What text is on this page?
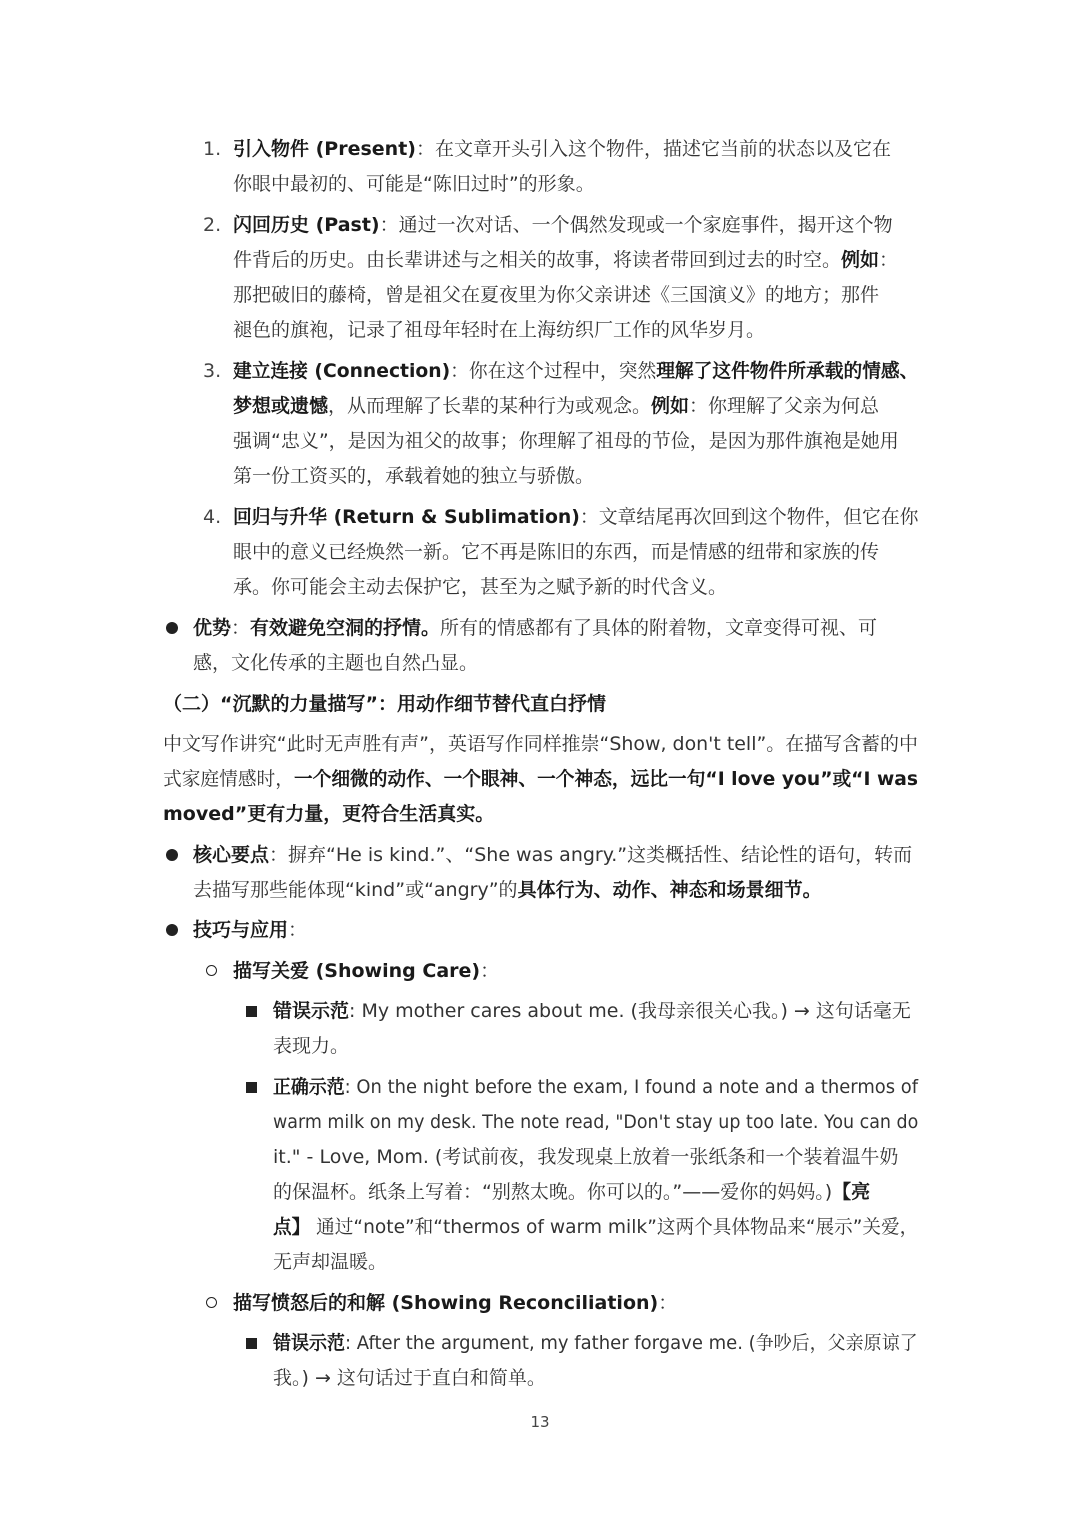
1. 引入物件 (Present)：在文章开头引入这个物件，描述它当前的状态以及它在

你眼中最初的、可能是“陈旧过时”的形象。

2. 闪回历史 (Past)：通过一次对话、一个偶然发现或一个家庭事件，揭开这个物

件背后的历史。由长辈讲述与之相关的故事，将读者带回到过去的时空。例如：

那把破旧的藤椅，曾是祖父在夏夜里为你父亲讲述《三国演义》的地方；那件

褪色的旗袍，记录了祖母年轻时在上海纺织厂工作的风华岁月。

3. 建立连接 (Connection)：你在这个过程中，突然理解了这件物件所承载的情感、

梦想或遗憾，从而理解了长辈的某种行为或观念。例如：你理解了父亲为何总

强调“忠义”，是因为祖父的故事；你理解了祖母的节俭，是因为那件旗袍是她用

第一份工资买的，承载着她的独立与骄傲。

4. 回归与升华 (Return & Sublimation)：文章结尾再次回到这个物件，但它在你

眼中的意义已经焕然一新。它不再是陈旧的东西，而是情感的纽带和家族的传

承。你可能会主动去保护它，甚至为之赋予新的时代含义。

优势：有效避免空洞的抒情。所有的情感都有了具体的附着物，文章变得可视、可

感，文化传承的主题也自然凸显。

（二）“沉默的力量描写”：用动作细节替代直白抒情

中文写作讲究“此时无声胜有声”，英语写作同样推崇“Show, don't tell”。在描写含蓄的中

式家庭情感时，一个细微的动作、一个眼神、一个神态，远比一句“I love you”或“I was

moved”更有力量，更符合生活真实。

核心要点：摒弃“He is kind.”、“She was angry.”这类概括性、结论性的语句，转而

去描写那些能体现“kind”或“angry”的具体行为、动作、神态和场景细节。

技巧与应用：

描写关爱 (Showing Care)：

错误示范: My mother cares about me. (我母亲很关心我。) → 这句话毫无

表现力。

正确示范: On the night before the exam, I found a note and a thermos of

warm milk on my desk. The note read, "Don't stay up too late. You can do

it." - Love, Mom. (考试前夜，我发现桌上放着一张纸条和一个装着温牛奶

的保温杯。纸条上写着：“别熬太晚。你可以的。”——爱你的妈妈。)【亮

点】 通过“note”和“thermos of warm milk”这两个具体物品来“展示”关爱，

无声却温暖。

描写愤怒后的和解 (Showing Reconciliation)：

错误示范: After the argument, my father forgave me. (争吵后，父亲原谅了

我。) → 这句话过于直白和简单。

13
